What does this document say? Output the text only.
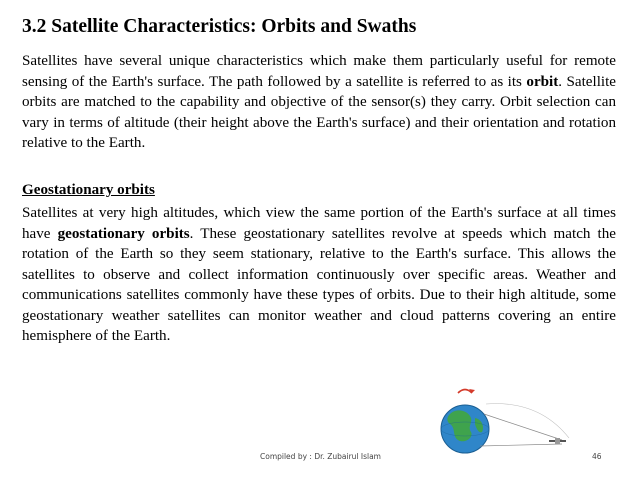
3.2 Satellite Characteristics: Orbits and Swaths
Satellites have several unique characteristics which make them particularly useful for remote sensing of the Earth's surface. The path followed by a satellite is referred to as its orbit. Satellite orbits are matched to the capability and objective of the sensor(s) they carry. Orbit selection can vary in terms of altitude (their height above the Earth's surface) and their orientation and rotation relative to the Earth.
Geostationary orbits
Satellites at very high altitudes, which view the same portion of the Earth's surface at all times have geostationary orbits. These geostationary satellites revolve at speeds which match the rotation of the Earth so they seem stationary, relative to the Earth's surface. This allows the satellites to observe and collect information continuously over specific areas. Weather and communications satellites commonly have these types of orbits. Due to their high altitude, some geostationary weather satellites can monitor weather and cloud patterns covering an entire hemisphere of the Earth.
Compiled by : Dr. Zubairul Islam	46
